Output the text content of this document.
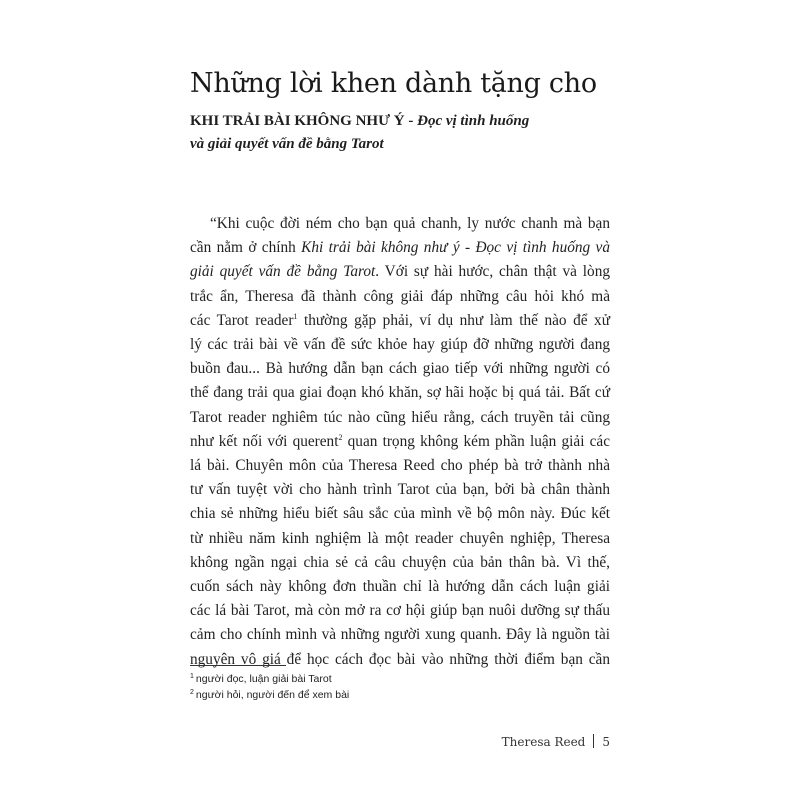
Những lời khen dành tặng cho

KHI TRẢI BÀI KHÔNG NHƯ Ý - Đọc vị tình huống
và giải quyết vấn đề bằng Tarot

“Khi cuộc đời ném cho bạn quả chanh, ly nước chanh mà bạn
cần nằm ở chính Khi trải bài không như ý - Đọc vị tình huống và
giải quyết vấn đề bằng Tarot. Với sự hài hước, chân thật và lòng
trắc ẩn, Theresa đã thành công giải đáp những câu hỏi khó mà
các Tarot reader$^1$ thường gặp phải, ví dụ như làm thế nào để xử
lý các trải bài về vấn đề sức khỏe hay giúp đỡ những người đang
buồn đau... Bà hướng dẫn bạn cách giao tiếp với những người có
thể đang trải qua giai đoạn khó khăn, sợ hãi hoặc bị quá tải. Bất cứ
Tarot reader nghiêm túc nào cũng hiểu rằng, cách truyền tải cũng
như kết nối với querent$^2$ quan trọng không kém phần luận giải các
lá bài. Chuyên môn của Theresa Reed cho phép bà trở thành nhà
tư vấn tuyệt vời cho hành trình Tarot của bạn, bởi bà chân thành
chia sẻ những hiểu biết sâu sắc của mình về bộ môn này. Đúc kết
từ nhiều năm kinh nghiệm là một reader chuyên nghiệp, Theresa
không ngần ngại chia sẻ cả câu chuyện của bản thân bà. Vì thế,
cuốn sách này không đơn thuần chỉ là hướng dẫn cách luận giải
các lá bài Tarot, mà còn mở ra cơ hội giúp bạn nuôi dưỡng sự thấu
cảm cho chính mình và những người xung quanh. Đây là nguồn tài
nguyên vô giá để học cách đọc bài vào những thời điểm bạn cần
$^1$ người đọc, luận giải bài Tarot
$^2$ người hỏi, người đến để xem bài
Theresa Reed 5
